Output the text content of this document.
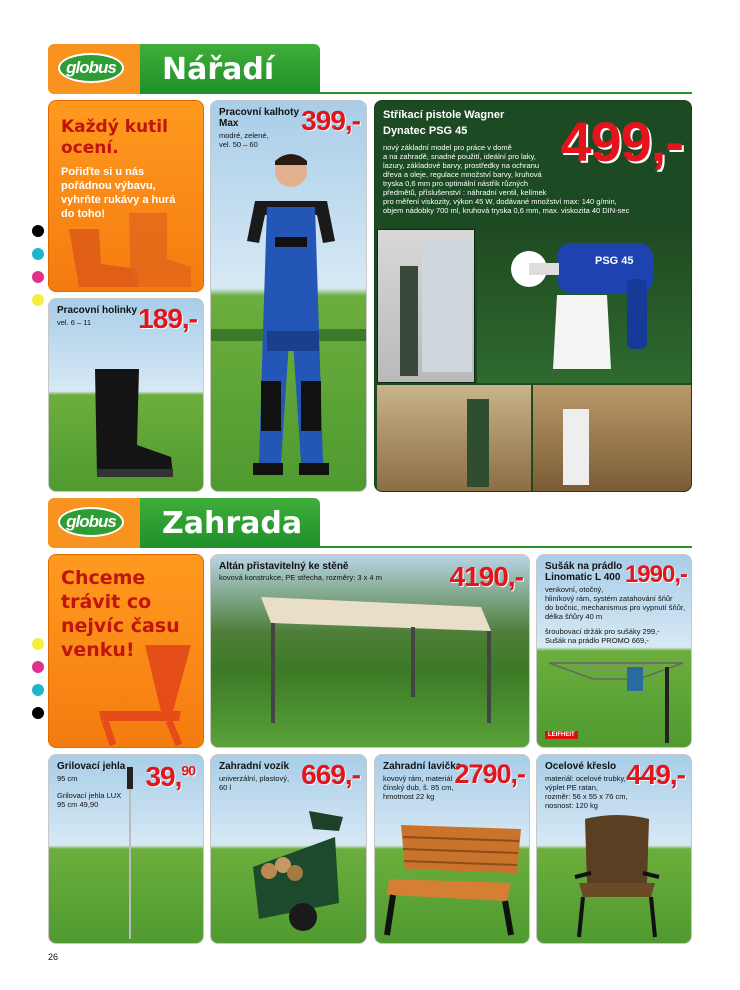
globus	Nářadí
Každý kutil
ocení.
Pořiďte si u nás
pořádnou výbavu,
vyhrňte rukávy a hurá
do toho!
Pracovní holinky
vel. 6 – 11 189,-
Pracovní kalhoty
Max
modré, zelené,
vel. 50 – 60
399,- Stříkací pistole Wagner
Dynatec PSG 45
nový základní model pro práce v domě
a na zahradě, snadné použití, ideální pro laky,
lazury, základové barvy, prostředky na ochranu
dřeva a oleje, regulace množství barvy, kruhová
tryska 0,6 mm pro optimální nástřik různých
předmětů, příslušenství : náhradní ventil, kelímek
pro měření viskozity, výkon 45 W, dodávané množství max: 140 g/min,
objem nádobky 700 ml, kruhová tryska 0,6 mm, max. viskozita 40 DIN-sec
499,-
PSG 45
globus	Zahrada
Chceme
trávit co
nejvíc času
venku!
Altán přistavitelný ke stěně
kovová konstrukce, PE střecha, rozměry: 3 x 4 m 4190,- Sušák na prádlo
Linomatic L 400
venkovní, otočný,
hliníkový rám, systém zatahování šňůr
do bočnic, mechanismus pro vypnutí šňůr,
délka šňůry 40 m
šroubovací držák pro sušáky 299,-
Sušák na prádlo PROMO 669,-
1990,-
LEIFHEIT
Grilovací jehla
95 cm
Grilovací jehla LUX
95 cm 49,90
39,90 Zahradní vozík
univerzální, plastový,
60 l	669,- Zahradní lavička
kovový rám, materiál
čínský dub, š. 85 cm,
hmotnost 22 kg
2790,- Ocelové křeslo
materiál: ocelové trubky,
výplet PE ratan,
rozměr: 56 x 55 x 76 cm,
nosnost: 120 kg
449,-
26
